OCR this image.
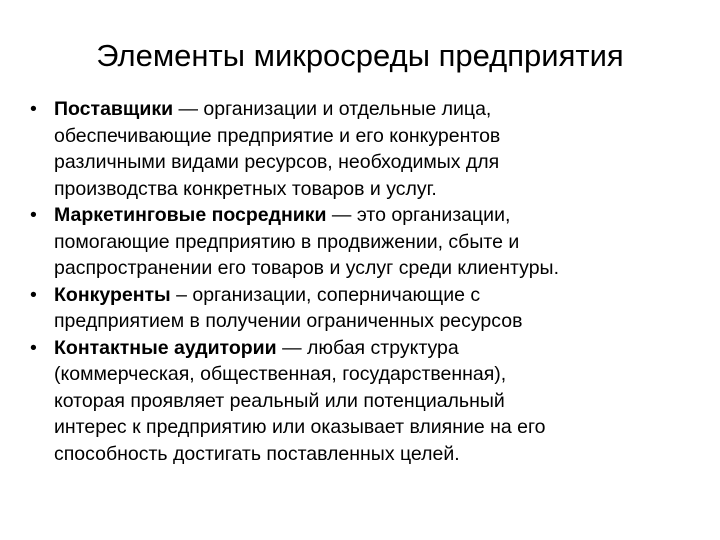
Элементы микросреды предприятия
• Поставщики — организации и отдельные лица,
обеспечивающие предприятие и его конкурентов
различными видами ресурсов, необходимых для
производства конкретных товаров и услуг.
• Маркетинговые посредники — это организации,
помогающие предприятию в продвижении, сбыте и
распространении его товаров и услуг среди клиентуры.
• Конкуренты – организации, соперничающие с
предприятием в получении ограниченных ресурсов
• Контактные аудитории — любая структура
(коммерческая, общественная, государственная),
которая проявляет реальный или потенциальный
интерес к предприятию или оказывает влияние на его
способность достигать поставленных целей.
